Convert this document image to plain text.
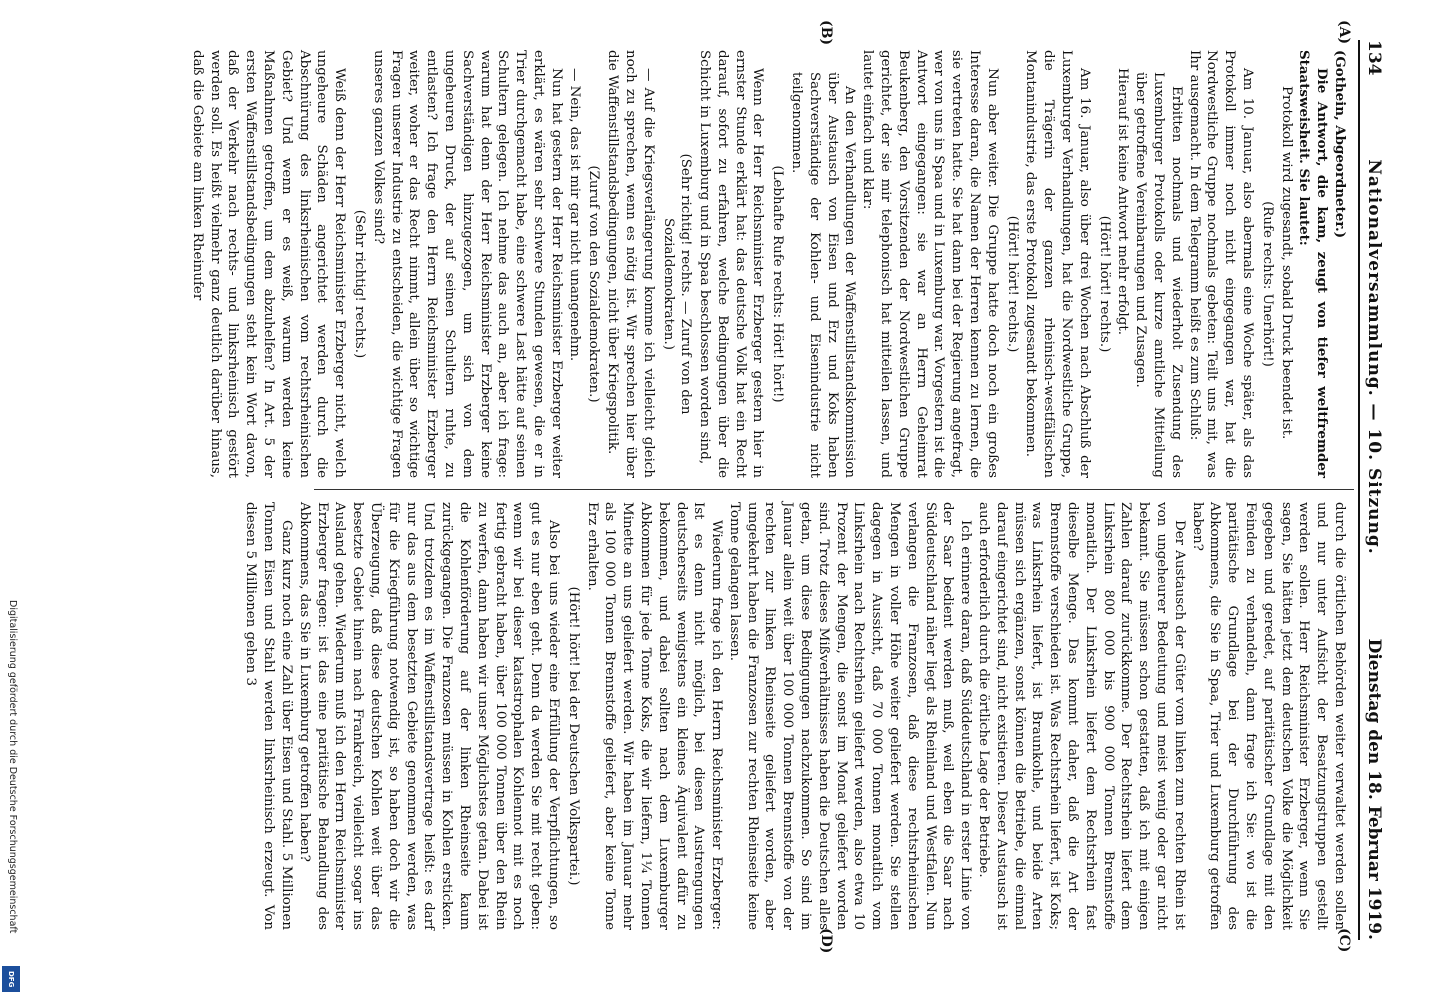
134
Nationalversammlung. — 10. Sitzung.
Dienstag den 18. Februar 1919.
(A)
(B)
(C)
(D)

(Gothein, Abgeordneter.)

Die Antwort, die kam, zeugt von tiefer weltfremder Staatsweisheit. Sie lautet:

Protokoll wird zugesandt, sobald Druck beendet ist.

(Rufe rechts: Unerhört!)

Am 10. Januar, also abermals eine Woche später, als das Protokoll immer noch nicht eingegangen war, hat die Nordwestliche Gruppe nochmals gebeten: Teilt uns mit, was Ihr ausgemacht. In dem Telegramm heißt es zum Schluß:

Erbitten nochmals und wiederholt Zusendung des Luxemburger Protokolls oder kurze amtliche Mitteilung über getroffene Vereinbarungen und Zusagen.

Hierauf ist keine Antwort mehr erfolgt.

(Hört! hört! rechts.)

Am 16. Januar, also über drei Wochen nach Abschluß der Luxemburger Verhandlungen, hat die Nordwestliche Gruppe, die Trägerin der ganzen rheinisch-westfälischen Montanindustrie, das erste Protokoll zugesandt bekommen.

(Hört! hört! rechts.)

Nun aber weiter. Die Gruppe hatte doch noch ein großes Interesse daran, die Namen der Herren kennen zu lernen, die sie vertreten hatte. Sie hat dann bei der Regierung angefragt, wer von uns in Spaa und in Luxemburg war. Vorgestern ist die Antwort eingegangen: sie war an Herrn Geheimrat Beukenberg, den Vorsitzenden der Nordwestlichen Gruppe gerichtet, der sie mir telephonisch hat mitteilen lassen, und lautet einfach und klar:

An den Verhandlungen der Waffenstillstandskommission über Austausch von Eisen und Erz und Koks haben Sachverständige der Kohlen- und Eisenindustrie nicht teilgenommen.

(Lebhafte Rufe rechts: Hört! hört!)

Wenn der Herr Reichsminister Erzberger gestern hier in ernster Stunde erklärt hat: das deutsche Volk hat ein Recht darauf, sofort zu erfahren, welche Bedingungen über die Schicht in Luxemburg und in Spaa beschlossen worden sind,

(Sehr richtig! rechts. — Zuruf von den Sozialdemokraten.)

— Auf die Kriegsverlängerung komme ich vielleicht gleich noch zu sprechen, wenn es nötig ist. Wir sprechen hier über die Waffenstillstandsbedingungen, nicht über Kriegspolitik.

(Zuruf von den Sozialdemokraten.)

— Nein, das ist mir gar nicht unangenehm.

Nun hat gestern der Herr Reichsminister Erzberger weiter erklärt, es wären sehr schwere Stunden gewesen, die er in Trier durchgemacht habe, eine schwere Last hätte auf seinen Schultern gelegen. Ich nehme das auch an, aber ich frage: warum hat denn der Herr Reichsminister Erzberger keine Sachverständigen hinzugezogen, um sich von dem ungeheuren Druck, der auf seinen Schultern ruhte, zu entlasten? Ich frage den Herrn Reichsminister Erzberger weiter, woher er das Recht nimmt, allein über so wichtige Fragen unserer Industrie zu entscheiden, die wichtige Fragen unseres ganzen Volkes sind?

(Sehr richtig! rechts.)

Weiß denn der Herr Reichsminister Erzberger nicht, welch ungeheure Schäden angerichtet werden durch die Abschnürung des linksrheinischen vom rechtsrheinischen Gebiet? Und wenn er es weiß, warum werden keine Maßnahmen getroffen, um dem abzuhelfen? In Art. 5 der ersten Waffenstillstandsbedingungen steht kein Wort davon, daß der Verkehr nach rechts- und linksrheinisch gestört werden soll. Es heißt vielmehr ganz deutlich darüber hinaus, daß die Gebiete am linken Rheinufer

durch die örtlichen Behörden weiter verwaltet werden sollen und nur unter Aufsicht der Besatzungstruppen gestellt werden sollen. Herr Reichsminister Erzberger, wenn Sie sagen, Sie hätten jetzt dem deutschen Volke die Möglichkeit gegeben und geredet, auf paritätischer Grundlage mit den Feinden zu verhandeln, dann frage ich Sie: wo ist die paritätische Grundlage bei der Durchführung des Abkommens, die Sie in Spaa, Trier und Luxemburg getroffen haben?

Der Austausch der Güter vom linken zum rechten Rhein ist von ungeheurer Bedeutung und meist wenig oder gar nicht bekannt. Sie müssen schon gestatten, daß ich mit einigen Zahlen darauf zurückkomme. Der Rechtsrhein liefert dem Linksrhein 800 000 bis 900 000 Tonnen Brennstoffe monatlich. Der Linksrhein liefert dem Rechtsrhein fast dieselbe Menge. Das kommt daher, daß die Art der Brennstoffe verschieden ist. Was Rechtsrhein liefert, ist Koks; was Linksrhein liefert, ist Braunkohle, und beide Arten müssen sich ergänzen, sonst können die Betriebe, die einmal darauf eingerichtet sind, nicht existieren. Dieser Austausch ist auch erforderlich durch die örtliche Lage der Betriebe.

Ich erinnere daran, daß Süddeutschland in erster Linie von der Saar bedient werden muß, weil eben die Saar nach Süddeutschland näher liegt als Rheinland und Westfalen. Nun verlangen die Franzosen, daß diese rechtsrheinischen Mengen in voller Höhe weiter geliefert werden. Sie stellen dagegen in Aussicht, daß 70 000 Tonnen monatlich vom Linksrhein nach Rechtsrhein geliefert werden, also etwa 10 Prozent der Mengen, die sonst im Monat geliefert worden sind. Trotz dieses Mißverhältnisses haben die Deutschen alles getan, um diese Bedingungen nachzukommen. So sind im Januar allein weit über 100 000 Tonnen Brennstoffe von der rechten zur linken Rheinseite geliefert worden, aber umgekehrt haben die Franzosen zur rechten Rheinseite keine Tonne gelangen lassen.

Wiederum frage ich den Herrn Reichsminister Erzberger: Ist es denn nicht möglich, bei diesen Austrengungen deutscherseits wenigstens ein kleines Äquivalent dafür zu bekommen, und dabei sollten nach dem Luxemburger Abkommen für jede Tonne Koks, die wir liefern, 1¼ Tonnen Minette an uns geliefert werden. Wir haben im Januar mehr als 100 000 Tonnen Brennstoffe geliefert, aber keine Tonne Erz erhalten.

(Hört! hört! bei der Deutschen Volkspartei.)

Also bei uns wieder eine Erfüllung der Verpflichtungen, so gut es nur eben geht. Denn da werden Sie mit recht geben: wenn wir bei dieser katastrophalen Kohlennot mit es noch fertig gebracht haben, über 100 000 Tonnen über den Rhein zu werfen, dann haben wir unser Möglichstes getan. Dabei ist die Kohlenförderung auf der linken Rheinseite kaum zurückgegangen. Die Franzosen müssen in Kohlen ersticken. Und trotzdem es im Waffenstillstandsvertrage heißt: es darf nur das aus dem besetzten Gebiete genommen werden, was für die Kriegführung notwendig ist, so haben doch wir die Überzeugung, daß diese deutschen Kohlen weit über das besetzte Gebiet hinein nach Frankreich, vielleicht sogar ins Ausland gehen. Wiederum muß ich den Herrn Reichsminister Erzberger fragen: ist das eine paritätische Behandlung des Abkommens, das Sie in Luxemburg getroffen haben?

Ganz kurz noch eine Zahl über Eisen und Stahl. 5 Millionen Tonnen Eisen und Stahl werden linksrheinisch erzeugt. Von diesen 5 Millionen gehen 3

Digitalisierung gefördert durch die Deutsche Forschungsgemeinschaft
DFG
